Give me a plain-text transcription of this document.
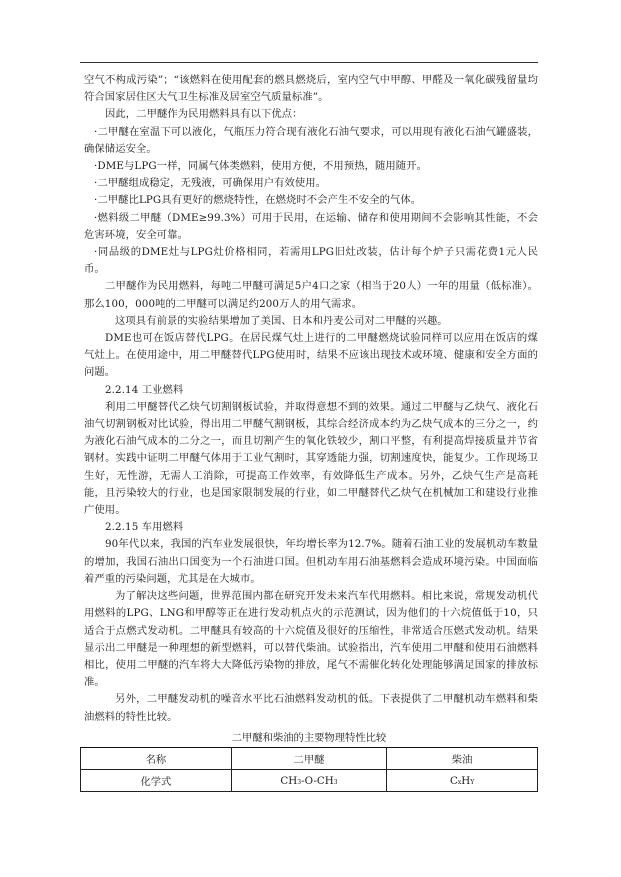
空气不构成污染”；“该燃料在使用配套的燃具燃烧后，室内空气中甲醇、甲醛及一氧化碳残留量均符合国家居住区大气卫生标准及居室空气质量标准”。

因此，二甲醚作为民用燃料具有以下优点：

·二甲醚在室温下可以液化，气瓶压力符合现有液化石油气要求，可以用现有液化石油气罐盛装，确保储运安全。

·DME与LPG一样，同属气体类燃料，使用方便，不用预热，随用随开。

·二甲醚组成稳定，无残液，可确保用户有效使用。

·二甲醚比LPG具有更好的燃烧特性，在燃烧时不会产生不安全的气体。

·燃料级二甲醚（DME≥99.3%）可用于民用，在运输、储存和使用期间不会影响其性能，不会危害环境，安全可靠。

·同品级的DME灶与LPG灶价格相同，若需用LPG旧灶改装，估计每个炉子只需花费1元人民币。

二甲醚作为民用燃料，每吨二甲醚可满足5户4口之家（相当于20人）一年的用量（低标准）。那么100，000吨的二甲醚可以满足约200万人的用气需求。

这项具有前景的实验结果增加了美国、日本和丹麦公司对二甲醚的兴趣。

DME也可在饭店替代LPG。在居民煤气灶上进行的二甲醚燃烧试验同样可以应用在饭店的煤气灶上。在使用途中，用二甲醚替代LPG使用时，结果不应该出现技术或环境、健康和安全方面的问题。

2.2.14 工业燃料

利用二甲醚替代乙炔气切割钢板试验，并取得意想不到的效果。通过二甲醚与乙炔气、液化石油气切割钢板对比试验，得出用二甲醚气割钢板，其综合经济成本约为乙炔气成本的三分之一，约为液化石油气成本的二分之一，而且切割产生的氧化铁较少，割口平整，有利提高焊接质量并节省钢材。实践中证明二甲醚气体用于工业气割时，其穿透能力强，切割速度快，能复少。工作现场卫生好，无性游，无需人工消除，可提高工作效率，有效降低生产成本。另外，乙炔气生产是高耗能，且污染较大的行业，也是国家限制发展的行业，如二甲醚替代乙炔气在机械加工和建设行业推广使用。

2.2.15 车用燃料

90年代以来，我国的汽车业发展很快，年均增长率为12.7%。随着石油工业的发展机动车数量的增加，我国石油出口国变为一个石油进口国。但机动车用石油基燃料会造成环境污染。中国面临着严重的污染问题，尤其是在大城市。

为了解决这些问题，世界范围内都在研究开发未来汽车代用燃料。相比来说，常规发动机代用燃料的LPG、LNG和甲醇等正在进行发动机点火的示范测试，因为他们的十六烷值低于10，只适合于点燃式发动机。二甲醚具有较高的十六烷值及很好的压缩性，非常适合压燃式发动机。结果显示出二甲醚是一种理想的新型燃料，可以替代柴油。试验指出，汽车使用二甲醚和使用石油燃料相比，使用二甲醚的汽车将大大降低污染物的排放，尾气不需催化转化处理能够满足国家的排放标准。

另外，二甲醚发动机的噪音水平比石油燃料发动机的低。下表提供了二甲醚机动车燃料和柴油燃料的特性比较。

二甲醚和柴油的主要物理特性比较
名称	二甲醚	柴油
化学式	CH3-O-CH3	CxHY
